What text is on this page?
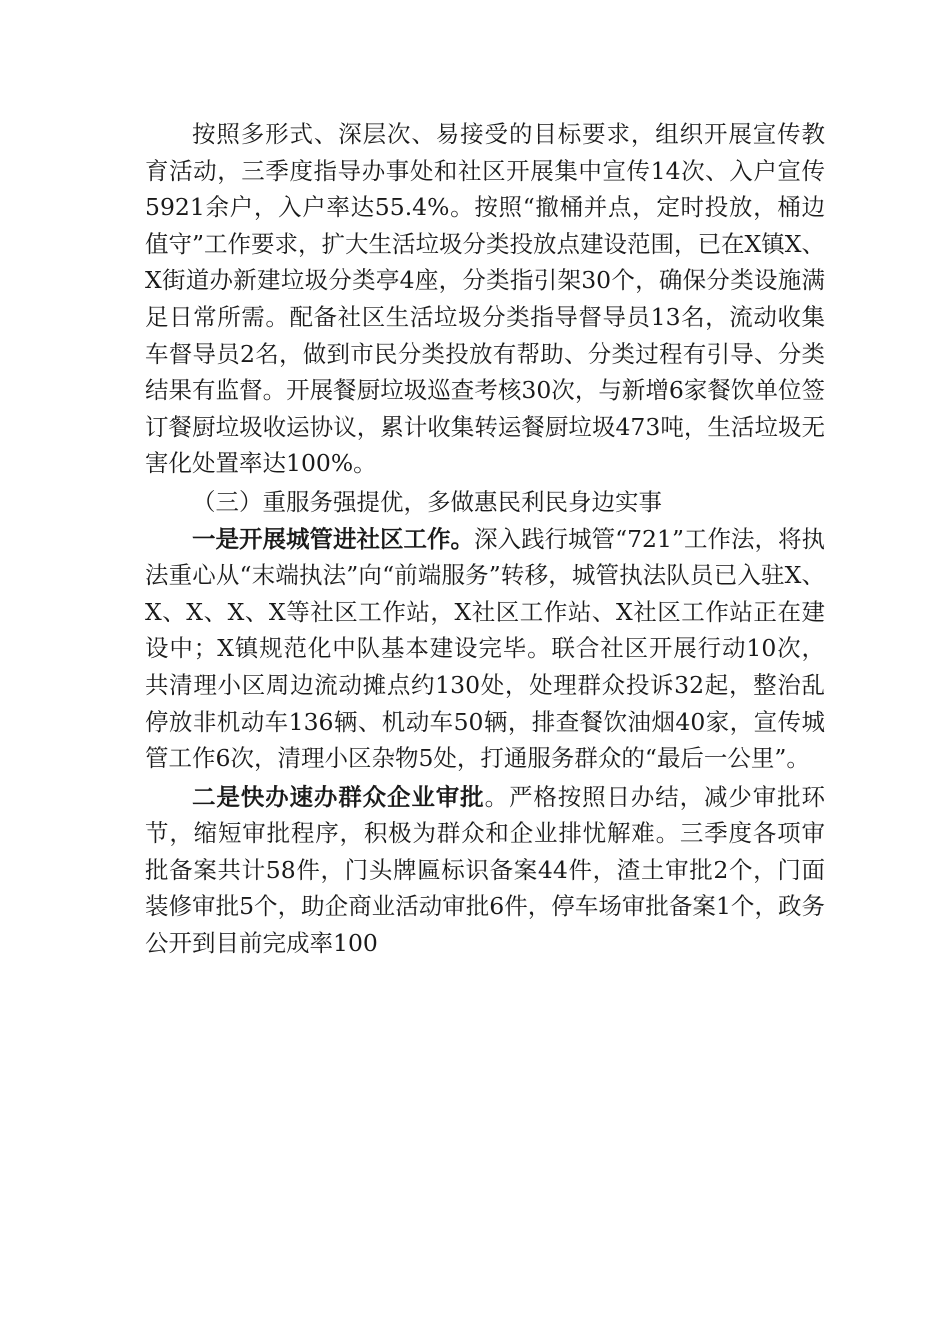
按照多形式、深层次、易接受的目标要求，组织开展宣传教育活动，三季度指导办事处和社区开展集中宣传14次、入户宣传5921余户，入户率达55.4%。按照“撤桶并点，定时投放，桶边值守”工作要求，扩大生活垃圾分类投放点建设范围，已在X镇X、X街道办新建垃圾分类亭4座，分类指引架30个，确保分类设施满足日常所需。配备社区生活垃圾分类指导督导员13名，流动收集车督导员2名，做到市民分类投放有帮助、分类过程有引导、分类结果有监督。开展餐厨垃圾巡查考核30次，与新增6家餐饮单位签订餐厨垃圾收运协议，累计收集转运餐厨垃圾473吨，生活垃圾无害化处置率达100%。

（三）重服务强提优，多做惠民利民身边实事

一是开展城管进社区工作。深入践行城管“721”工作法，将执法重心从“末端执法”向“前端服务”转移，城管执法队员已入驻X、X、X、X、X等社区工作站，X社区工作站、X社区工作站正在建设中；X镇规范化中队基本建设完毕。联合社区开展行动10次，共清理小区周边流动摊点约130处，处理群众投诉32起，整治乱停放非机动车136辆、机动车50辆，排查餐饮油烟40家，宣传城管工作6次，清理小区杂物5处，打通服务群众的“最后一公里”。

二是快办速办群众企业审批。严格按照日办结，减少审批环节，缩短审批程序，积极为群众和企业排忧解难。三季度各项审批备案共计58件，门头牌匾标识备案44件，渣土审批2个，门面装修审批5个，助企商业活动审批6件，停车场审批备案1个，政务公开到目前完成率100
